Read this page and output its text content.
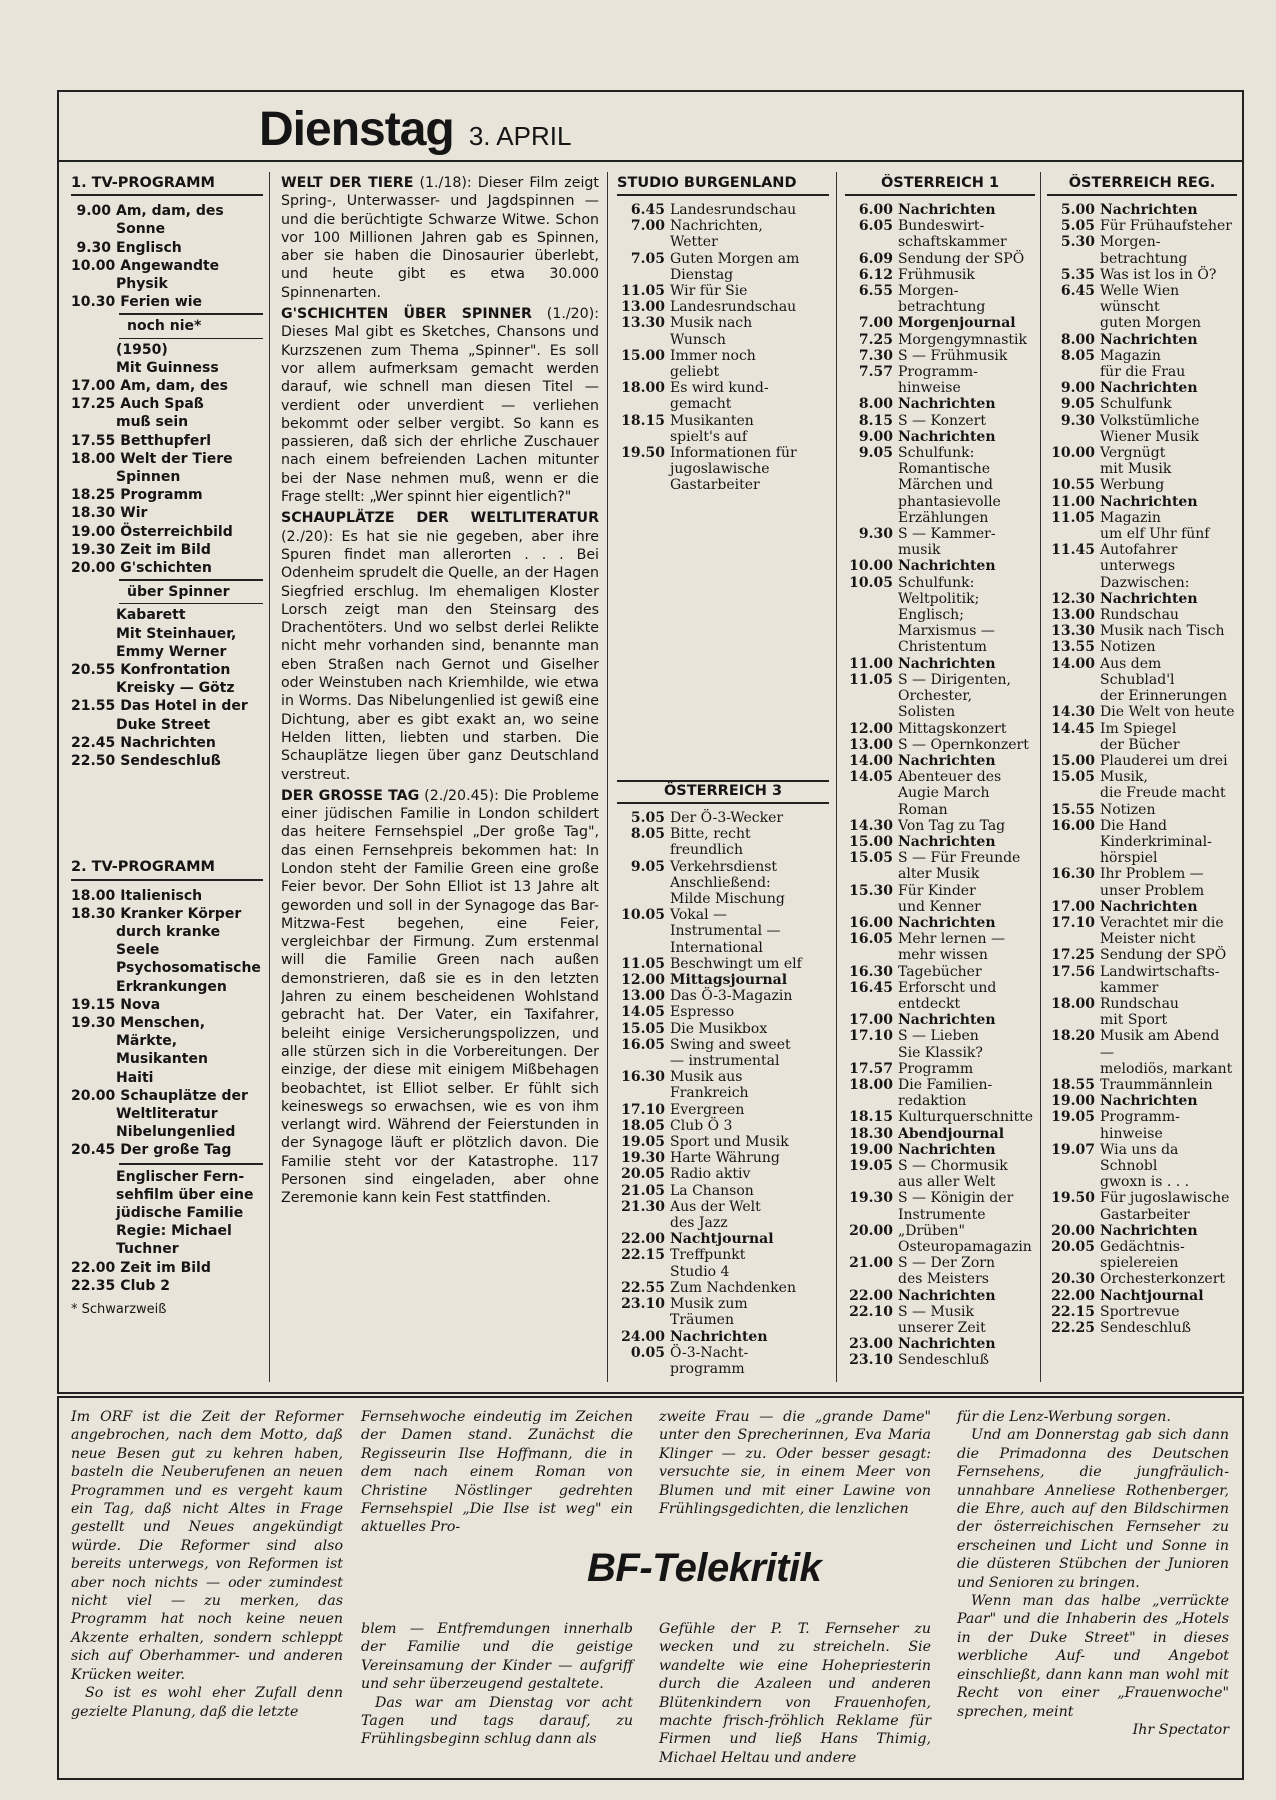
Dienstag 3. APRIL
1. TV-PROGRAMM
9.00 Am, dam, des
Sonne
9.30 Englisch
10.00 Angewandte
Physik
10.30 Ferien wie
noch nie*
(1950)
Mit Guinness
17.00 Am, dam, des
17.25 Auch Spaß
muß sein
17.55 Betthupferl
18.00 Welt der Tiere
Spinnen
18.25 Programm
18.30 Wir
19.00 Österreichbild
19.30 Zeit im Bild
20.00 G'schichten
über Spinner
Kabarett
Mit Steinhauer,
Emmy Werner
20.55 Konfrontation
Kreisky — Götz
21.55 Das Hotel in der
Duke Street
22.45 Nachrichten
22.50 Sendeschluß
2. TV-PROGRAMM
18.00 Italienisch
18.30 Kranker Körper
durch kranke
Seele
Psychosomatische
Erkrankungen
19.15 Nova
19.30 Menschen,
Märkte,
Musikanten
Haiti
20.00 Schauplätze der
Weltliteratur
Nibelungenlied
20.45 Der große Tag
Englischer Fern-
sehfilm über eine
jüdische Familie
Regie: Michael
Tuchner
22.00 Zeit im Bild
22.35 Club 2
* Schwarzweiß

WELT DER TIERE (1./18): Dieser Film zeigt Spring-, Unterwasser- und Jagdspinnen — und die berüchtigte Schwarze Witwe. Schon vor 100 Millionen Jahren gab es Spinnen, aber sie haben die Dinosaurier überlebt, und heute gibt es etwa 30.000 Spinnenarten.

G'SCHICHTEN ÜBER SPINNER (1./20): Dieses Mal gibt es Sketches, Chansons und Kurzszenen zum Thema „Spinner". Es soll vor allem aufmerksam gemacht werden darauf, wie schnell man diesen Titel — verdient oder unverdient — verliehen bekommt oder selber vergibt. So kann es passieren, daß sich der ehrliche Zuschauer nach einem befreienden Lachen mitunter bei der Nase nehmen muß, wenn er die Frage stellt: „Wer spinnt hier eigentlich?"

SCHAUPLÄTZE DER WELTLITERATUR (2./20): Es hat sie nie gegeben, aber ihre Spuren findet man allerorten . . . Bei Odenheim sprudelt die Quelle, an der Hagen Siegfried erschlug. Im ehemaligen Kloster Lorsch zeigt man den Steinsarg des Drachentöters. Und wo selbst derlei Relikte nicht mehr vorhanden sind, benannte man eben Straßen nach Gernot und Giselher oder Weinstuben nach Kriemhilde, wie etwa in Worms. Das Nibelungenlied ist gewiß eine Dichtung, aber es gibt exakt an, wo seine Helden litten, liebten und starben. Die Schauplätze liegen über ganz Deutschland verstreut.

DER GROSSE TAG (2./20.45): Die Probleme einer jüdischen Familie in London schildert das heitere Fernsehspiel „Der große Tag", das einen Fernsehpreis bekommen hat: In London steht der Familie Green eine große Feier bevor. Der Sohn Elliot ist 13 Jahre alt geworden und soll in der Synagoge das Bar-Mitzwa-Fest begehen, eine Feier, vergleichbar der Firmung. Zum erstenmal will die Familie Green nach außen demonstrieren, daß sie es in den letzten Jahren zu einem bescheidenen Wohlstand gebracht hat. Der Vater, ein Taxifahrer, beleiht einige Versicherungspolizzen, und alle stürzen sich in die Vorbereitungen. Der einzige, der diese mit einigem Mißbehagen beobachtet, ist Elliot selber. Er fühlt sich keineswegs so erwachsen, wie es von ihm verlangt wird. Während der Feierstunden in der Synagoge läuft er plötzlich davon. Die Familie steht vor der Katastrophe. 117 Personen sind eingeladen, aber ohne Zeremonie kann kein Fest stattfinden.

STUDIO BURGENLAND
6.45 Landesrundschau
7.00 Nachrichten,
Wetter
7.05 Guten Morgen am
Dienstag
11.05 Wir für Sie
13.00 Landesrundschau
13.30 Musik nach
Wunsch
15.00 Immer noch
geliebt
18.00 Es wird kund-
gemacht
18.15 Musikanten
spielt's auf
19.50 Informationen für
jugoslawische
Gastarbeiter
ÖSTERREICH 3
5.05 Der Ö-3-Wecker
8.05 Bitte, recht
freundlich
9.05 Verkehrsdienst
Anschließend:
Milde Mischung
10.05 Vokal —
Instrumental —
International
11.05 Beschwingt um elf
12.00 Mittagsjournal
13.00 Das Ö-3-Magazin
14.05 Espresso
15.05 Die Musikbox
16.05 Swing and sweet
— instrumental
16.30 Musik aus
Frankreich
17.10 Evergreen
18.05 Club Ö 3
19.05 Sport und Musik
19.30 Harte Währung
20.05 Radio aktiv
21.05 La Chanson
21.30 Aus der Welt
des Jazz
22.00 Nachtjournal
22.15 Treffpunkt
Studio 4
22.55 Zum Nachdenken
23.10 Musik zum
Träumen
24.00 Nachrichten
0.05 Ö-3-Nacht-
programm
ÖSTERREICH 1
6.00 Nachrichten
6.05 Bundeswirt-
schaftskammer
6.09 Sendung der SPÖ
6.12 Frühmusik
6.55 Morgen-
betrachtung
7.00 Morgenjournal
7.25 Morgengymnastik
7.30 S — Frühmusik
7.57 Programm-
hinweise
8.00 Nachrichten
8.15 S — Konzert
9.00 Nachrichten
9.05 Schulfunk:
Romantische
Märchen und
phantasievolle
Erzählungen
9.30 S — Kammer-
musik
10.00 Nachrichten
10.05 Schulfunk:
Weltpolitik;
Englisch;
Marxismus —
Christentum
11.00 Nachrichten
11.05 S — Dirigenten,
Orchester,
Solisten
12.00 Mittagskonzert
13.00 S — Opernkonzert
14.00 Nachrichten
14.05 Abenteuer des
Augie March
Roman
14.30 Von Tag zu Tag
15.00 Nachrichten
15.05 S — Für Freunde
alter Musik
15.30 Für Kinder
und Kenner
16.00 Nachrichten
16.05 Mehr lernen —
mehr wissen
16.30 Tagebücher
16.45 Erforscht und
entdeckt
17.00 Nachrichten
17.10 S — Lieben
Sie Klassik?
17.57 Programm
18.00 Die Familien-
redaktion
18.15 Kulturquerschnitte
18.30 Abendjournal
19.00 Nachrichten
19.05 S — Chormusik
aus aller Welt
19.30 S — Königin der
Instrumente
20.00 „Drüben"
Osteuropamagazin
21.00 S — Der Zorn
des Meisters
22.00 Nachrichten
22.10 S — Musik
unserer Zeit
23.00 Nachrichten
23.10 Sendeschluß
ÖSTERREICH REG.
5.00 Nachrichten
5.05 Für Frühaufsteher
5.30 Morgen-
betrachtung
5.35 Was ist los in Ö?
6.45 Welle Wien
wünscht
guten Morgen
8.00 Nachrichten
8.05 Magazin
für die Frau
9.00 Nachrichten
9.05 Schulfunk
9.30 Volkstümliche
Wiener Musik
10.00 Vergnügt
mit Musik
10.55 Werbung
11.00 Nachrichten
11.05 Magazin
um elf Uhr fünf
11.45 Autofahrer
unterwegs
Dazwischen:
12.30 Nachrichten
13.00 Rundschau
13.30 Musik nach Tisch
13.55 Notizen
14.00 Aus dem
Schublad'l
der Erinnerungen
14.30 Die Welt von heute
14.45 Im Spiegel
der Bücher
15.00 Plauderei um drei
15.05 Musik,
die Freude macht
15.55 Notizen
16.00 Die Hand
Kinderkriminal-
hörspiel
16.30 Ihr Problem —
unser Problem
17.00 Nachrichten
17.10 Verachtet mir die
Meister nicht
17.25 Sendung der SPÖ
17.56 Landwirtschafts-
kammer
18.00 Rundschau
mit Sport
18.20 Musik am Abend —
melodiös, markant
18.55 Traummännlein
19.00 Nachrichten
19.05 Programm-
hinweise
19.07 Wia uns da
Schnobl
gwoxn is . . .
19.50 Für jugoslawische
Gastarbeiter
20.00 Nachrichten
20.05 Gedächtnis-
spielereien
20.30 Orchesterkonzert
22.00 Nachtjournal
22.15 Sportrevue
22.25 Sendeschluß

Im ORF ist die Zeit der Reformer angebrochen, nach dem Motto, daß neue Besen gut zu kehren haben, basteln die Neuberufenen an neuen Programmen und es vergeht kaum ein Tag, daß nicht Altes in Frage gestellt und Neues angekündigt würde. Die Reformer sind also bereits unterwegs, von Reformen ist aber noch nichts — oder zumindest nicht viel — zu merken, das Programm hat noch keine neuen Akzente erhalten, sondern schleppt sich auf Oberhammer- und anderen Krücken weiter.

So ist es wohl eher Zufall denn gezielte Planung, daß die letzte

Fernsehwoche eindeutig im Zeichen der Damen stand. Zunächst die Regisseurin Ilse Hoffmann, die in dem nach einem Roman von Christine Nöstlinger gedrehten Fernsehspiel „Die Ilse ist weg" ein aktuelles Pro-

blem — Entfremdungen innerhalb der Familie und die geistige Vereinsamung der Kinder — aufgriff und sehr überzeugend gestaltete.

Das war am Dienstag vor acht Tagen und tags darauf, zu Frühlingsbeginn schlug dann als

zweite Frau — die „grande Dame" unter den Sprecherinnen, Eva Maria Klinger — zu. Oder besser gesagt: versuchte sie, in einem Meer von Blumen und mit einer Lawine von Frühlingsgedichten, die lenzlichen

Gefühle der P. T. Fernseher zu wecken und zu streicheln. Sie wandelte wie eine Hohepriesterin durch die Azaleen und anderen Blütenkindern von Frauenhofen, machte frisch-fröhlich Reklame für Firmen und ließ Hans Thimig, Michael Heltau und andere

BF-Telekritik

für die Lenz-Werbung sorgen.

Und am Donnerstag gab sich dann die Primadonna des Deutschen Fernsehens, die jungfräulich-unnahbare Anneliese Rothenberger, die Ehre, auch auf den Bildschirmen der österreichischen Fernseher zu erscheinen und Licht und Sonne in die düsteren Stübchen der Junioren und Senioren zu bringen.

Wenn man das halbe „verrückte Paar" und die Inhaberin des „Hotels in der Duke Street" in dieses werbliche Auf- und Angebot einschließt, dann kann man wohl mit Recht von einer „Frauenwoche" sprechen, meint

Ihr Spectator
